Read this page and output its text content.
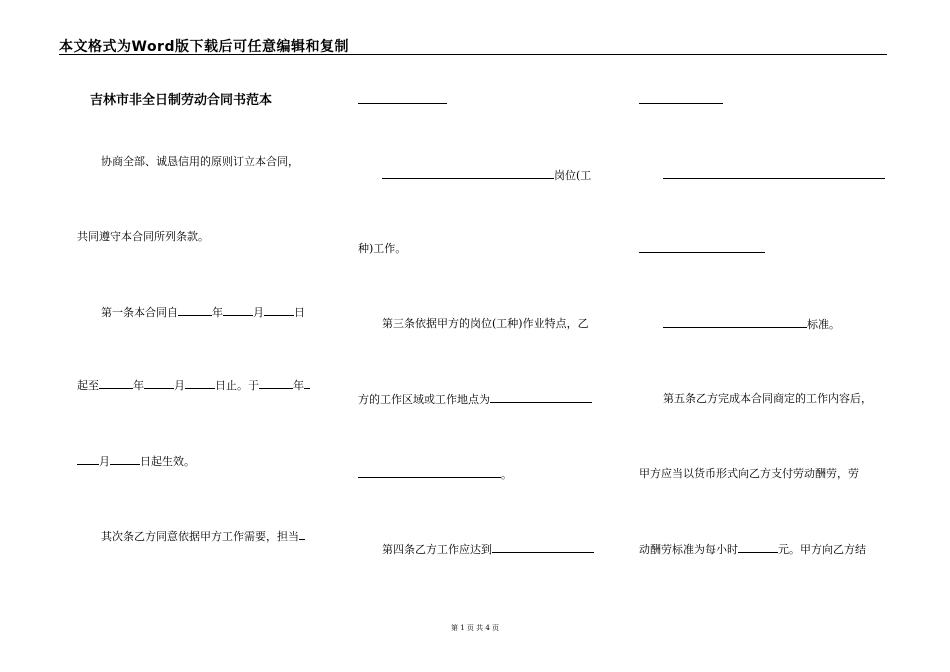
本文格式为Word版下载后可任意编辑和复制
吉林市非全日制劳动合同书范本
协商全部、诚恳信用的原则订立本合同，
共同遵守本合同所列条款。
第一条本合同自	年	月	日
起至	年	月	日止。于	年
月	日起生效。
其次条乙方同意依据甲方工作需要，担当
岗位(工
种)工作。
第三条依据甲方的岗位(工种)作业特点，乙
方的工作区域或工作地点为
。
第四条乙方工作应达到
标准。
第五条乙方完成本合同商定的工作内容后，
甲方应当以货币形式向乙方支付劳动酬劳，劳
动酬劳标准为每小时	元。甲方向乙方结
第 1 页 共 4 页
